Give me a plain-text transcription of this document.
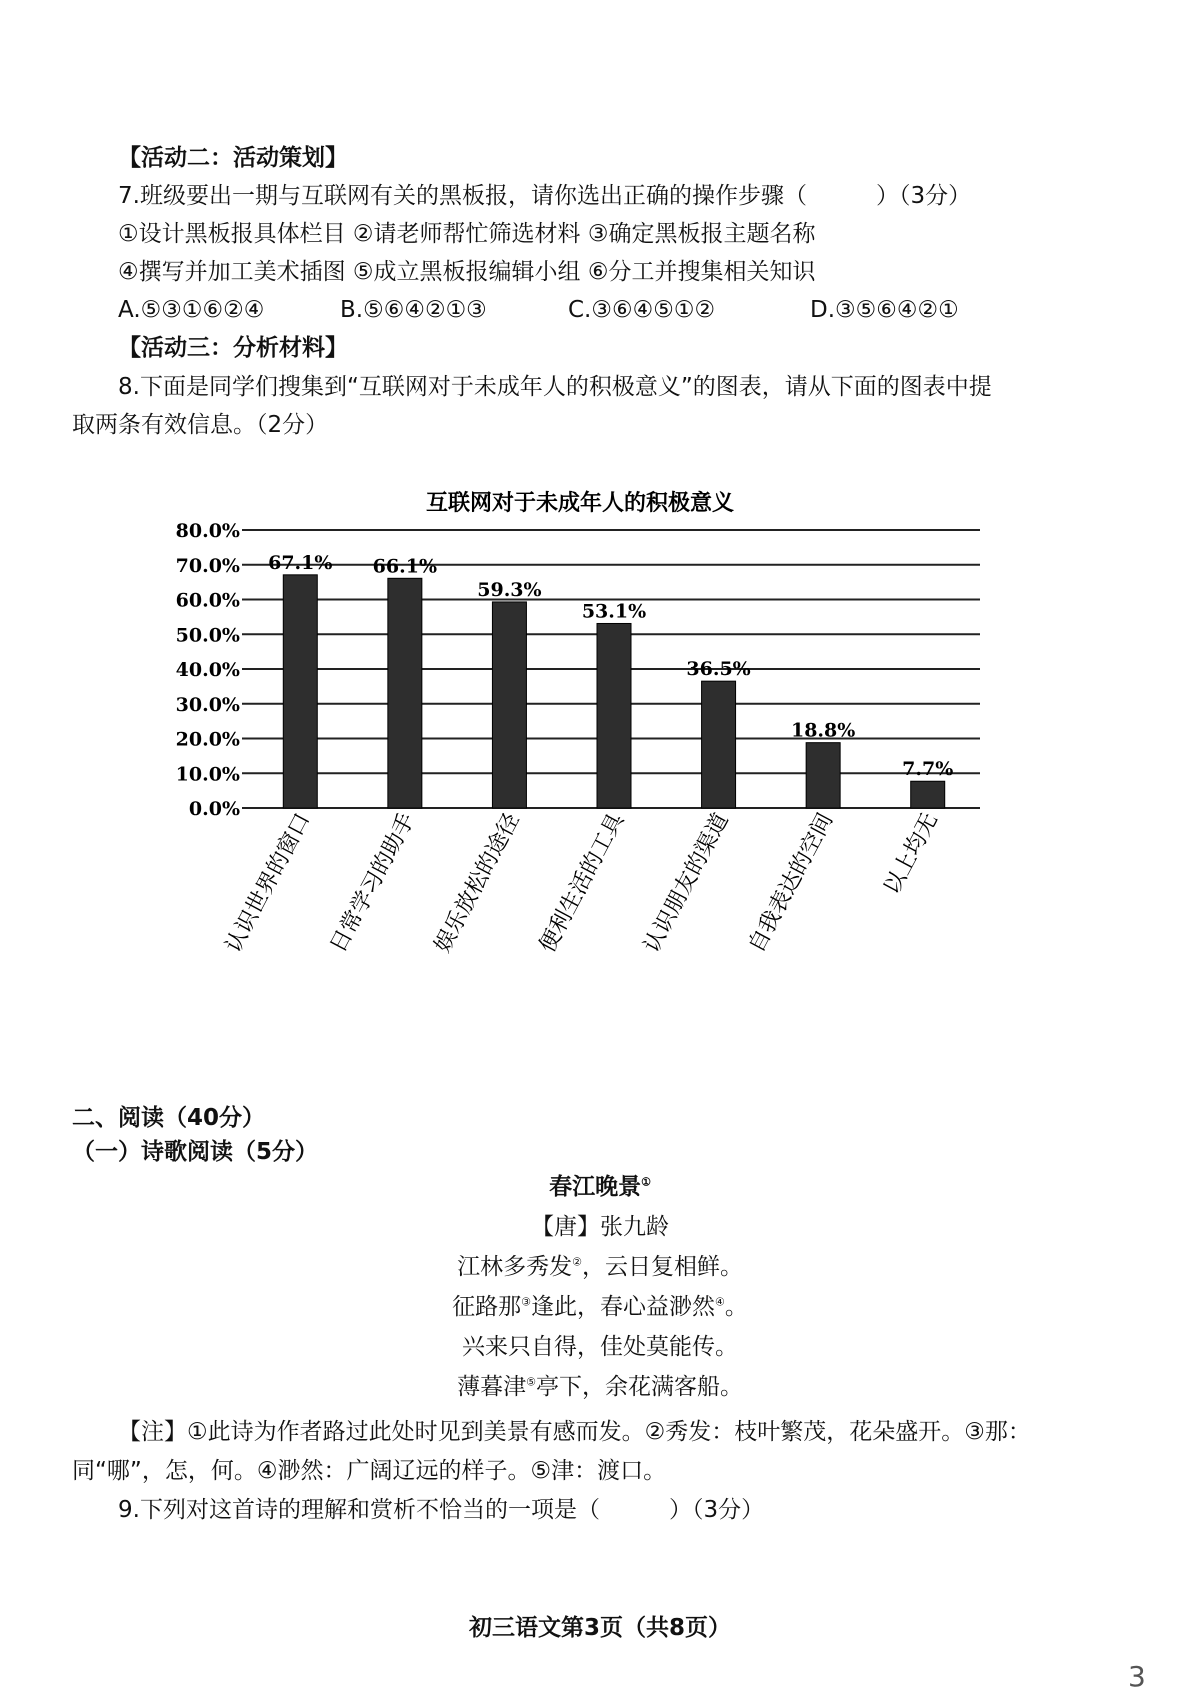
【活动二：活动策划】
7.班级要出一期与互联网有关的黑板报，请你选出正确的操作步骤（　　　）（3分）
①设计黑板报具体栏目 ②请老师帮忙筛选材料 ③确定黑板报主题名称
④撰写并加工美术插图 ⑤成立黑板报编辑小组 ⑥分工并搜集相关知识
A.⑤③①⑥②④	B.⑤⑥④②①③	C.③⑥④⑤①②	D.③⑤⑥④②①
【活动三：分析材料】
8.下面是同学们搜集到“互联网对于未成年人的积极意义”的图表，请从下面的图表中提
取两条有效信息。（2分）
互联网对于未成年人的积极意义
80.0%
70.0%
60.0%
50.0%
40.0%
30.0%
20.0%
10.0%
0.0%
67.1% 66.1%
59.3%
53.1%
36.5%
18.8%
7.7%
认识世界的窗口 日常学习的助手 娱乐放松的途径 便利生活的工具 认识朋友的渠道 自我表达的空间 以上均无
二、阅读（40分）
（一）诗歌阅读（5分）
春江晚景①
【唐】张九龄
江林多秀发②，云日复相鲜。
征路那③逢此，春心益渺然④。
兴来只自得，佳处莫能传。
薄暮津⑤亭下，余花满客船。
【注】①此诗为作者路过此处时见到美景有感而发。②秀发：枝叶繁茂，花朵盛开。③那：
同“哪”，怎，何。④渺然：广阔辽远的样子。⑤津：渡口。
9.下列对这首诗的理解和赏析不恰当的一项是（　　　）（3分）
初三语文第3页（共8页）
3
